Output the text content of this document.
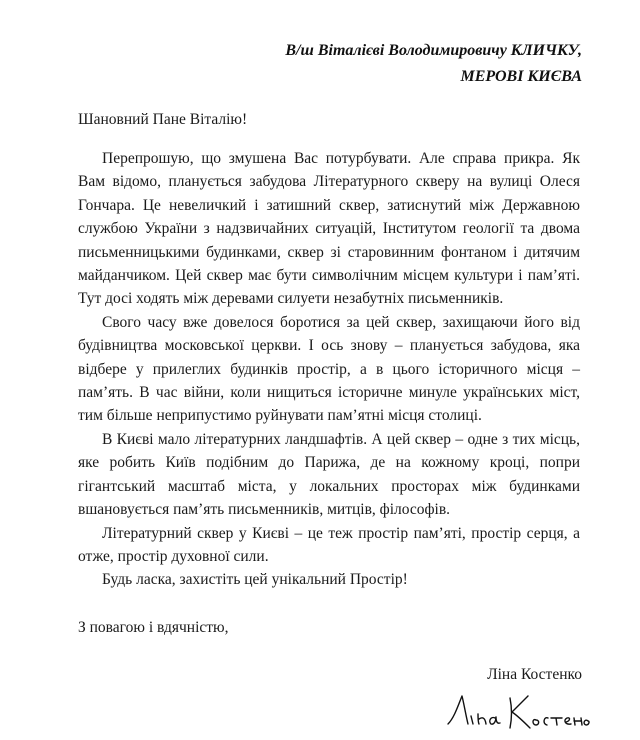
В/ш Віталієві Володимировичу КЛИЧКУ,
МЕРОВІ КИЄВА
Шановний Пане Віталію!

Перепрошую, що змушена Вас потурбувати. Але справа прикра. Як Вам відомо, планується забудова Літературного скверу на вулиці Олеся Гончара. Це невеличкий і затишний сквер, затиснутий між Державною службою України з надзвичайних ситуацій, Інститутом геології та двома письменницькими будинками, сквер зі старовинним фонтаном і дитячим майданчиком. Цей сквер має бути символічним місцем культури і пам’яті. Тут досі ходять між деревами силуети незабутніх письменників.

Свого часу вже довелося боротися за цей сквер, захищаючи його від будівництва московської церкви. І ось знову – планується забудова, яка відбере у прилеглих будинків простір, а в цього історичного місця – пам’ять. В час війни, коли нищиться історичне минуле українських міст, тим більше неприпустимо руйнувати пам’ятні місця столиці.

В Києві мало літературних ландшафтів. А цей сквер – одне з тих місць, яке робить Київ подібним до Парижа, де на кожному кроці, попри гігантський масштаб міста, у локальних просторах між будинками вшановується пам’ять письменників, митців, філософів.

Літературний сквер у Києві – це теж простір пам’яті, простір серця, а отже, простір духовної сили.

Будь ласка, захистіть цей унікальний Простір!

З повагою і вдячністю,
Ліна Костенко
